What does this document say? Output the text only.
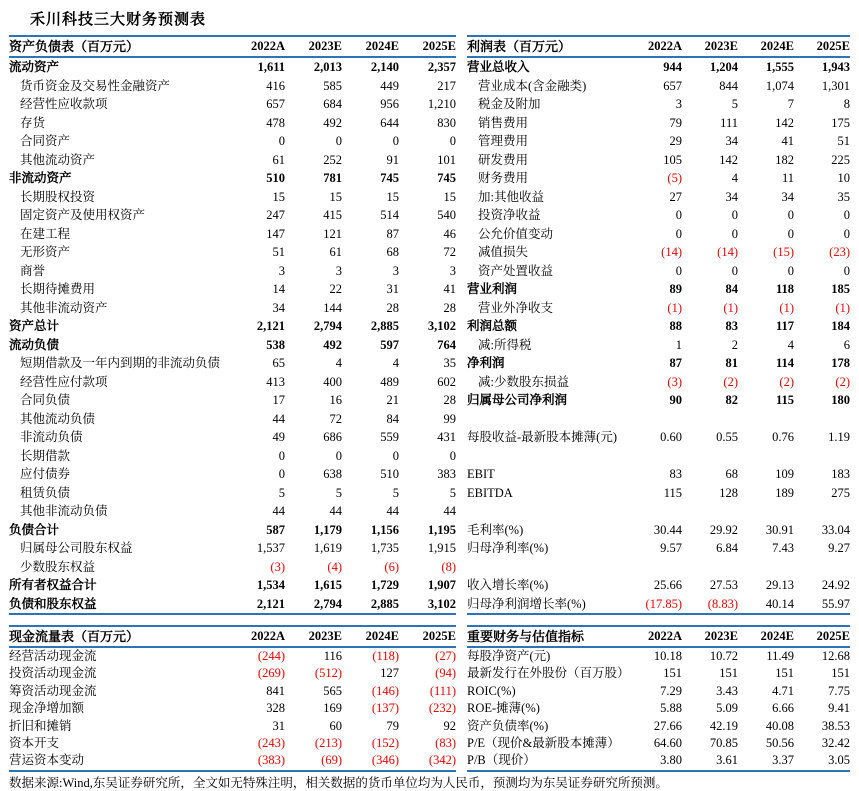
禾川科技三大财务预测表
资产负债表（百万元）	2022A	2023E	2024E	2025E
流动资产	1,611	2,013	2,140	2,357
货币资金及交易性金融资产	416	585	449	217
经营性应收款项	657	684	956	1,210
存货	478	492	644	830
合同资产	0	0	0	0
其他流动资产	61	252	91	101
非流动资产	510	781	745	745
长期股权投资	15	15	15	15
固定资产及使用权资产	247	415	514	540
在建工程	147	121	87	46
无形资产	51	61	68	72
商誉	3	3	3	3
长期待摊费用	14	22	31	41
其他非流动资产	34	144	28	28
资产总计	2,121	2,794	2,885	3,102
流动负债	538	492	597	764
短期借款及一年内到期的非流动负债	65	4	4	35
经营性应付款项	413	400	489	602
合同负债	17	16	21	28
其他流动负债	44	72	84	99
非流动负债	49	686	559	431
长期借款	0	0	0	0
应付债券	0	638	510	383
租赁负债	5	5	5	5
其他非流动负债	44	44	44	44
负债合计	587	1,179	1,156	1,195
归属母公司股东权益	1,537	1,619	1,735	1,915
少数股东权益	(3)	(4)	(6)	(8)
所有者权益合计	1,534	1,615	1,729	1,907
负债和股东权益	2,121	2,794	2,885	3,102
利润表（百万元）	2022A	2023E	2024E	2025E
营业总收入	944	1,204	1,555	1,943
营业成本(含金融类)	657	844	1,074	1,301
税金及附加	3	5	7	8
销售费用	79	111	142	175
管理费用	29	34	41	51
研发费用	105	142	182	225
财务费用	(5)	4	11	10
加:其他收益	27	34	34	35
投资净收益	0	0	0	0
公允价值变动	0	0	0	0
减值损失	(14)	(14)	(15)	(23)
资产处置收益	0	0	0	0
营业利润	89	84	118	185
营业外净收支	(1)	(1)	(1)	(1)
利润总额	88	83	117	184
减:所得税	1	2	4	6
净利润	87	81	114	178
减:少数股东损益	(3)	(2)	(2)	(2)
归属母公司净利润	90	82	115	180

每股收益-最新股本摊薄(元)	0.60	0.55	0.76	1.19

EBIT	83	68	109	183
EBITDA	115	128	189	275

毛利率(%)	30.44	29.92	30.91	33.04
归母净利率(%)	9.57	6.84	7.43	9.27

收入增长率(%)	25.66	27.53	29.13	24.92
归母净利润增长率(%)	(17.85)	(8.83)	40.14	55.97
现金流量表（百万元）	2022A	2023E	2024E	2025E
经营活动现金流	(244)	116	(118)	(27)
投资活动现金流	(269)	(512)	127	(94)
筹资活动现金流	841	565	(146)	(111)
现金净增加额	328	169	(137)	(232)
折旧和摊销	31	60	79	92
资本开支	(243)	(213)	(152)	(83)
营运资本变动	(383)	(69)	(346)	(342)
重要财务与估值指标	2022A	2023E	2024E	2025E
每股净资产(元)	10.18	10.72	11.49	12.68
最新发行在外股份（百万股）	151	151	151	151
ROIC(%)	7.29	3.43	4.71	7.75
ROE-摊薄(%)	5.88	5.09	6.66	9.41
资产负债率(%)	27.66	42.19	40.08	38.53
P/E（现价&最新股本摊薄）	64.60	70.85	50.56	32.42
P/B（现价）	3.80	3.61	3.37	3.05
数据来源:Wind,东吴证券研究所，全文如无特殊注明，相关数据的货币单位均为人民币，预测均为东吴证券研究所预测。
